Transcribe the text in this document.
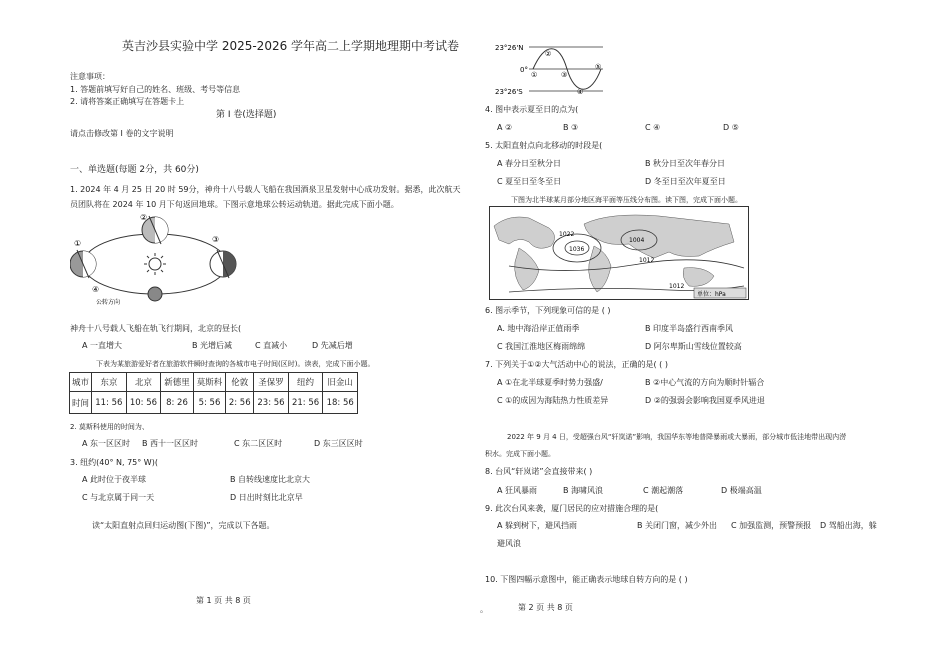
英吉沙县实验中学 2025-2026 学年高二上学期地理期中考试卷
注意事项：
1. 答题前填写好自己的姓名、班级、考号等信息
2. 请将答案正确填写在答题卡上
第 I 卷(选择题)
请点击修改第 I 卷的文字说明
一、单选题(每题 2分，共 60分)
1. 2024 年 4 月 25 日 20 时 59分，神舟十八号载人飞船在我国酒泉卫星发射中心成功发射。据悉，此次航天
员团队将在 2024 年 10 月下旬返回地球。下图示意地球公转运动轨道。据此完成下面小题。
①
②
③
④
公转方向
神舟十八号载人飞船在轨飞行期间，北京的昼长(
A 一直增大	B 光增后减	C 直减小	D 先减后增
下表为某旅游爱好者在旅游软件瞬时查询的各城市电子时间(区时)。读表，完成下面小题。
城市	东京	北京	新德里	莫斯科	伦敦	圣保罗	纽约	旧金山
时间	11: 56	10: 56	8: 26	5: 56	2: 56	23: 56	21: 56	18: 56
2. 莫斯科使用的时间为、
A 东一区区时 B 西十一区区时	C 东二区区时	D 东三区区时
3. 纽约(40° N, 75° W)(
A 此时位于夜半球	B 自转线速度比北京大
C 与北京属于同一天	D 日出时刻比北京早
读“太阳直射点回归运动图(下图)”，完成以下各题。
第 1 页 共 8 页
23°26'N
0°
23°26'S
①
②
③
④
⑤
4. 图中表示夏至日的点为(
A ②	B ③	C ④	D ⑤
5. 太阳直射点向北移动的时段是(
A 春分日至秋分日	B 秋分日至次年春分日
C 夏至日至冬至日	D 冬至日至次年夏至日
下图为北半球某月部分地区海平面等压线分布图。读下图，完成下面小题。
1036
1022
1004
1012
1012
单位：hPa
6. 图示季节，下列现象可信的是 ( )
A. 地中海沿岸正值雨季	B 印度半岛盛行西南季风
C 我国江淮地区梅雨绵绵	D 阿尔卑斯山雪线位置较高
7. 下列关于①②大气活动中心的说法，正确的是( ( )
A ①在北半球夏季时势力强盛/	B ②中心气流的方向为顺时针辐合
C ①的成因为海陆热力性质差异	D ②的强弱会影响我国夏季风进退
2022 年 9 月 4 日，受超强台风“轩岚诺”影响，我国华东等地普降暴雨或大暴雨，部分城市低洼地带出现内涝
积水。完成下面小题。
8. 台风“轩岚诺”会直接带来( )
A 狂风暴雨	B 海啸风浪	C 潮起潮落	D 极端高温
9. 此次台风来袭，厦门居民的应对措施合理的是(
A 躲到树下，避风挡雨	B 关闭门窗，减少外出 C 加强监测，预警预报 D 驾船出海，躲
避风浪
10. 下图四幅示意图中，能正确表示地球自转方向的是 ( )
。	第 2 页 共 8 页
